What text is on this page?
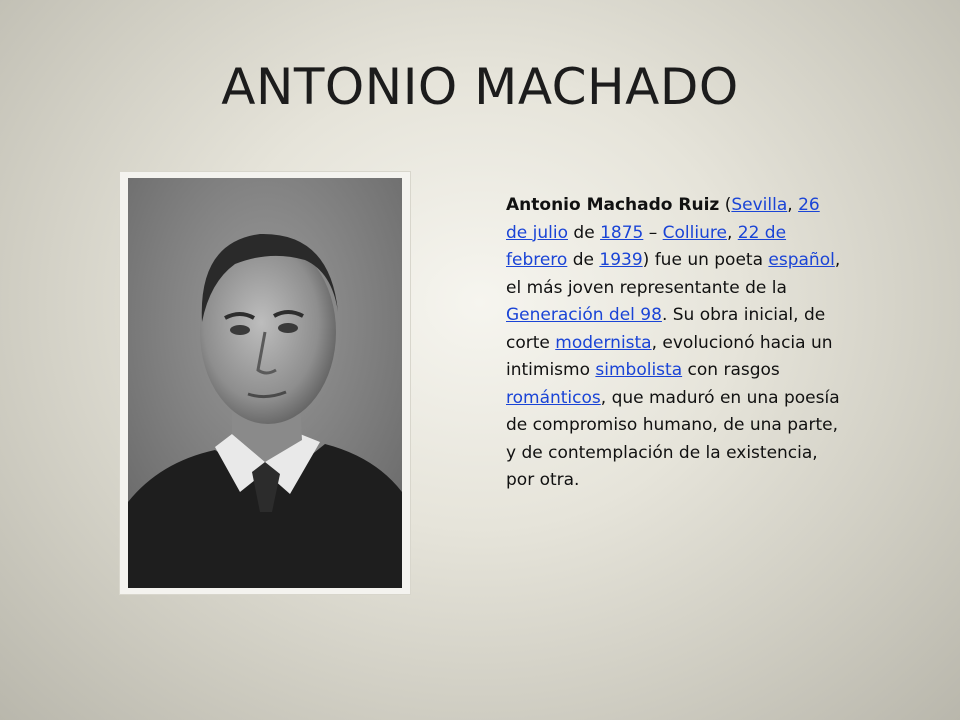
ANTONIO MACHADO
Antonio Machado Ruiz (Sevilla, 26 de julio de 1875 – Colliure, 22 de febrero de 1939) fue un poeta español, el más joven representante de la Generación del 98. Su obra inicial, de corte modernista, evolucionó hacia un intimismo simbolista con rasgos románticos, que maduró en una poesía de compromiso humano, de una parte, y de contemplación de la existencia, por otra.
